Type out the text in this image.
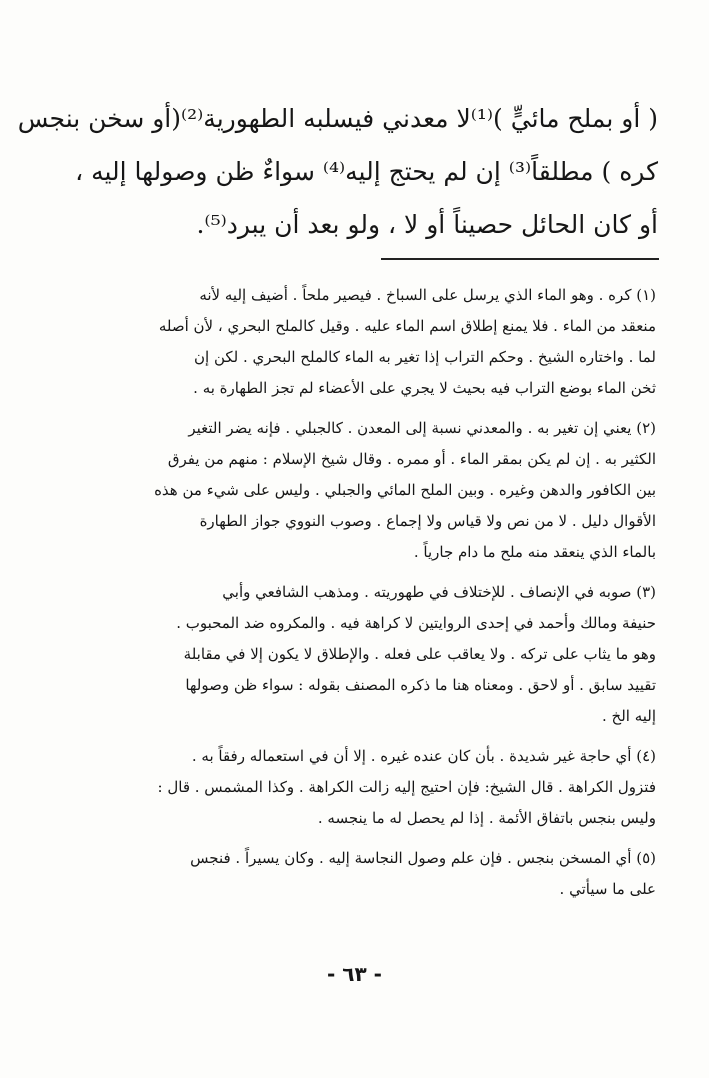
( أو بملح مائيٍّ )⁽¹⁾لا معدني فيسلبه الطهورية⁽²⁾(أو سخن بنجس
كره ) مطلقاً⁽³⁾ إن لم يحتج إليه⁽⁴⁾ سواءٌ ظن وصولها إليه ،
أو كان الحائل حصيناً أو لا ، ولو بعد أن يبرد⁽⁵⁾.
(١) كره . وهو الماء الذي يرسل على السباخ . فيصير ملحاً . أضيف إليه لأنه
منعقد من الماء . فلا يمنع إطلاق اسم الماء عليه . وقيل كالملح البحري ، لأن أصله
لما . واختاره الشيخ . وحكم التراب إذا تغير به الماء كالملح البحري . لكن إن
ثخن الماء بوضع التراب فيه بحيث لا يجري على الأعضاء لم تجز الطهارة به .
(٢) يعني إن تغير به . والمعدني نسبة إلى المعدن . كالجبلي . فإنه يضر التغير
الكثير به . إن لم يكن بمقر الماء . أو ممره . وقال شيخ الإسلام : منهم من يفرق
بين الكافور والدهن وغيره . وبين الملح المائي والجبلي . وليس على شيء من هذه
الأقوال دليل . لا من نص ولا قياس ولا إجماع . وصوب النووي جواز الطهارة
بالماء الذي ينعقد منه ملح ما دام جارياً .
(٣) صوبه في الإنصاف . للإختلاف في طهوريته . ومذهب الشافعي وأبي
حنيفة ومالك وأحمد في إحدى الروايتين لا كراهة فيه . والمكروه ضد المحبوب .
وهو ما يثاب على تركه . ولا يعاقب على فعله . والإطلاق لا يكون إلا في مقابلة
تقييد سابق . أو لاحق . ومعناه هنا ما ذكره المصنف بقوله : سواء ظن وصولها
إليه الخ .
(٤) أي حاجة غير شديدة . بأن كان عنده غيره . إلا أن في استعماله رفقاً به .
فتزول الكراهة . قال الشيخ: فإن احتيج إليه زالت الكراهة . وكذا المشمس . قال :
وليس بنجس باتفاق الأئمة . إذا لم يحصل له ما ينجسه .
(٥) أي المسخن بنجس . فإن علم وصول النجاسة إليه . وكان يسيراً . فنجس
على ما سيأتي .
- ٦٣ -
